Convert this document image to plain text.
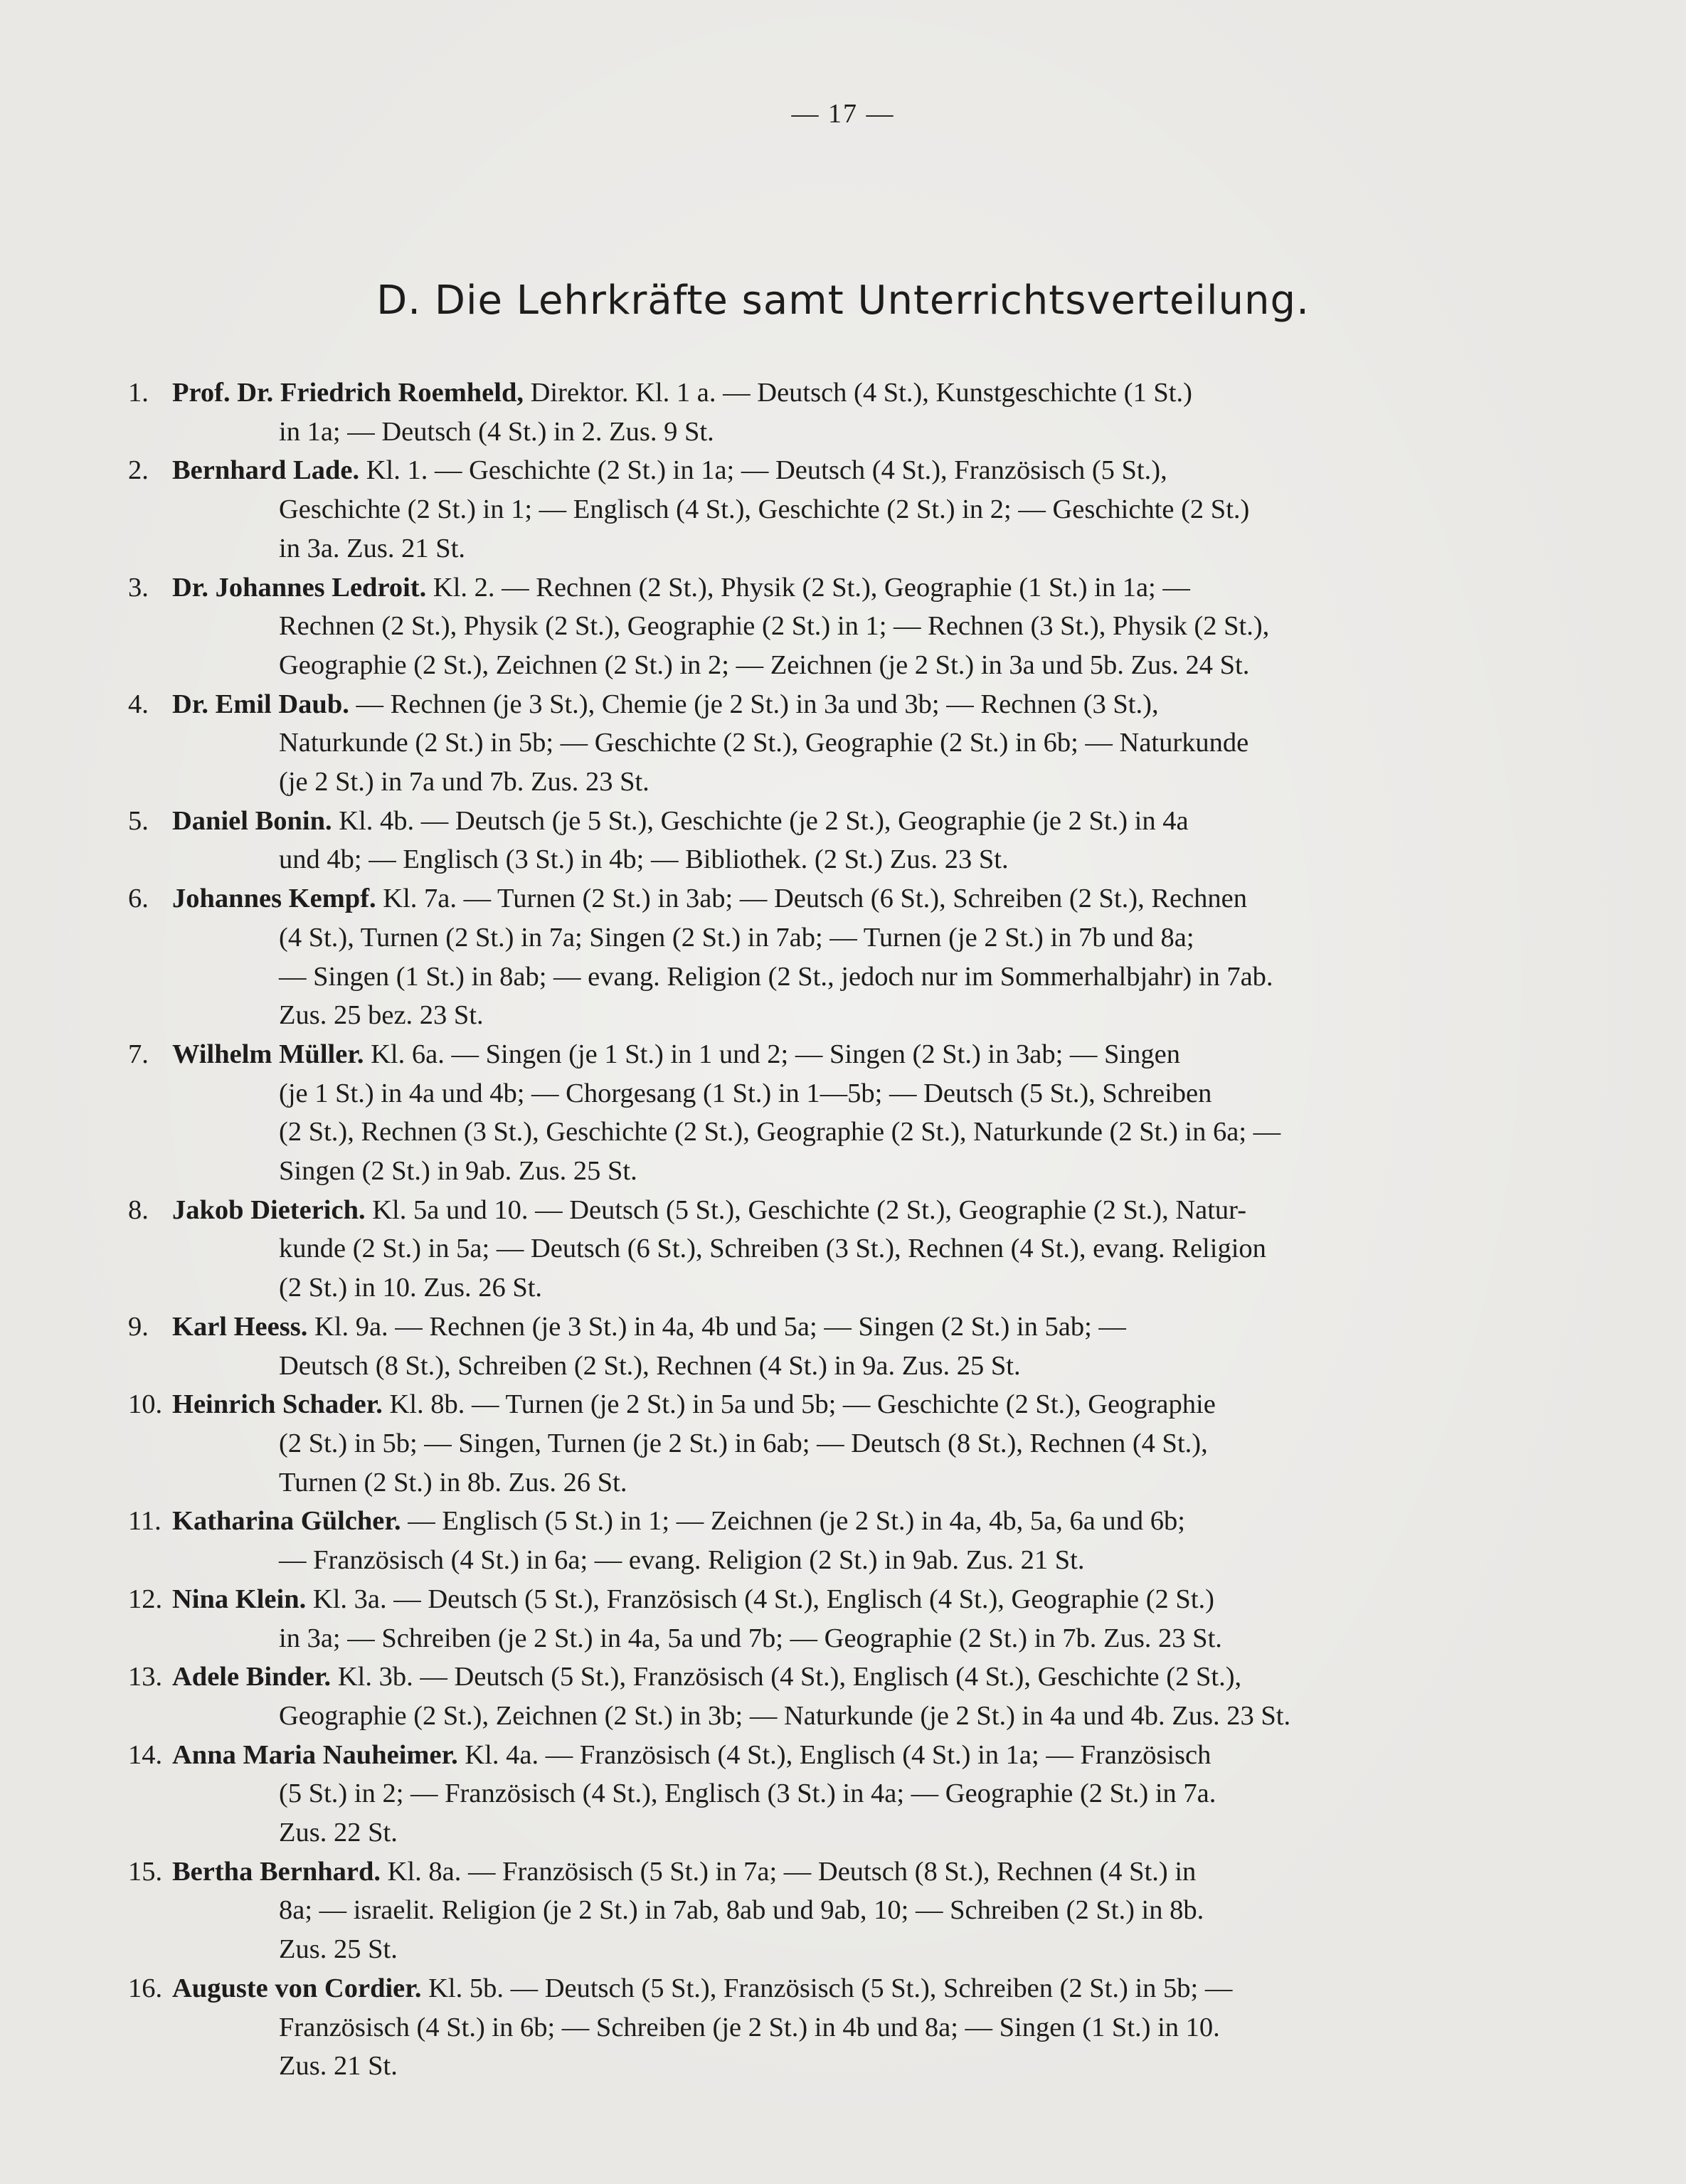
— 17 —
D. Die Lehrkräfte samt Unterrichtsverteilung.
1. Prof. Dr. Friedrich Roemheld, Direktor. Kl. 1 a. — Deutsch (4 St.), Kunstgeschichte (1 St.)
in 1a; — Deutsch (4 St.) in 2. Zus. 9 St.
2. Bernhard Lade. Kl. 1. — Geschichte (2 St.) in 1a; — Deutsch (4 St.), Französisch (5 St.),
Geschichte (2 St.) in 1; — Englisch (4 St.), Geschichte (2 St.) in 2; — Geschichte (2 St.)
in 3a. Zus. 21 St.
3. Dr. Johannes Ledroit. Kl. 2. — Rechnen (2 St.), Physik (2 St.), Geographie (1 St.) in 1a; —
Rechnen (2 St.), Physik (2 St.), Geographie (2 St.) in 1; — Rechnen (3 St.), Physik (2 St.),
Geographie (2 St.), Zeichnen (2 St.) in 2; — Zeichnen (je 2 St.) in 3a und 5b. Zus. 24 St.
4. Dr. Emil Daub. — Rechnen (je 3 St.), Chemie (je 2 St.) in 3a und 3b; — Rechnen (3 St.),
Naturkunde (2 St.) in 5b; — Geschichte (2 St.), Geographie (2 St.) in 6b; — Naturkunde
(je 2 St.) in 7a und 7b. Zus. 23 St.
5. Daniel Bonin. Kl. 4b. — Deutsch (je 5 St.), Geschichte (je 2 St.), Geographie (je 2 St.) in 4a
und 4b; — Englisch (3 St.) in 4b; — Bibliothek. (2 St.) Zus. 23 St.
6. Johannes Kempf. Kl. 7a. — Turnen (2 St.) in 3ab; — Deutsch (6 St.), Schreiben (2 St.), Rechnen
(4 St.), Turnen (2 St.) in 7a; Singen (2 St.) in 7ab; — Turnen (je 2 St.) in 7b und 8a;
— Singen (1 St.) in 8ab; — evang. Religion (2 St., jedoch nur im Sommerhalbjahr) in 7ab.
Zus. 25 bez. 23 St.
7. Wilhelm Müller. Kl. 6a. — Singen (je 1 St.) in 1 und 2; — Singen (2 St.) in 3ab; — Singen
(je 1 St.) in 4a und 4b; — Chorgesang (1 St.) in 1—5b; — Deutsch (5 St.), Schreiben
(2 St.), Rechnen (3 St.), Geschichte (2 St.), Geographie (2 St.), Naturkunde (2 St.) in 6a; —
Singen (2 St.) in 9ab. Zus. 25 St.
8. Jakob Dieterich. Kl. 5a und 10. — Deutsch (5 St.), Geschichte (2 St.), Geographie (2 St.), Natur-
kunde (2 St.) in 5a; — Deutsch (6 St.), Schreiben (3 St.), Rechnen (4 St.), evang. Religion
(2 St.) in 10. Zus. 26 St.
9. Karl Heess. Kl. 9a. — Rechnen (je 3 St.) in 4a, 4b und 5a; — Singen (2 St.) in 5ab; —
Deutsch (8 St.), Schreiben (2 St.), Rechnen (4 St.) in 9a. Zus. 25 St.
10. Heinrich Schader. Kl. 8b. — Turnen (je 2 St.) in 5a und 5b; — Geschichte (2 St.), Geographie
(2 St.) in 5b; — Singen, Turnen (je 2 St.) in 6ab; — Deutsch (8 St.), Rechnen (4 St.),
Turnen (2 St.) in 8b. Zus. 26 St.
11. Katharina Gülcher. — Englisch (5 St.) in 1; — Zeichnen (je 2 St.) in 4a, 4b, 5a, 6a und 6b;
— Französisch (4 St.) in 6a; — evang. Religion (2 St.) in 9ab. Zus. 21 St.
12. Nina Klein. Kl. 3a. — Deutsch (5 St.), Französisch (4 St.), Englisch (4 St.), Geographie (2 St.)
in 3a; — Schreiben (je 2 St.) in 4a, 5a und 7b; — Geographie (2 St.) in 7b. Zus. 23 St.
13. Adele Binder. Kl. 3b. — Deutsch (5 St.), Französisch (4 St.), Englisch (4 St.), Geschichte (2 St.),
Geographie (2 St.), Zeichnen (2 St.) in 3b; — Naturkunde (je 2 St.) in 4a und 4b. Zus. 23 St.
14. Anna Maria Nauheimer. Kl. 4a. — Französisch (4 St.), Englisch (4 St.) in 1a; — Französisch
(5 St.) in 2; — Französisch (4 St.), Englisch (3 St.) in 4a; — Geographie (2 St.) in 7a.
Zus. 22 St.
15. Bertha Bernhard. Kl. 8a. — Französisch (5 St.) in 7a; — Deutsch (8 St.), Rechnen (4 St.) in
8a; — israelit. Religion (je 2 St.) in 7ab, 8ab und 9ab, 10; — Schreiben (2 St.) in 8b.
Zus. 25 St.
16. Auguste von Cordier. Kl. 5b. — Deutsch (5 St.), Französisch (5 St.), Schreiben (2 St.) in 5b; —
Französisch (4 St.) in 6b; — Schreiben (je 2 St.) in 4b und 8a; — Singen (1 St.) in 10.
Zus. 21 St.
